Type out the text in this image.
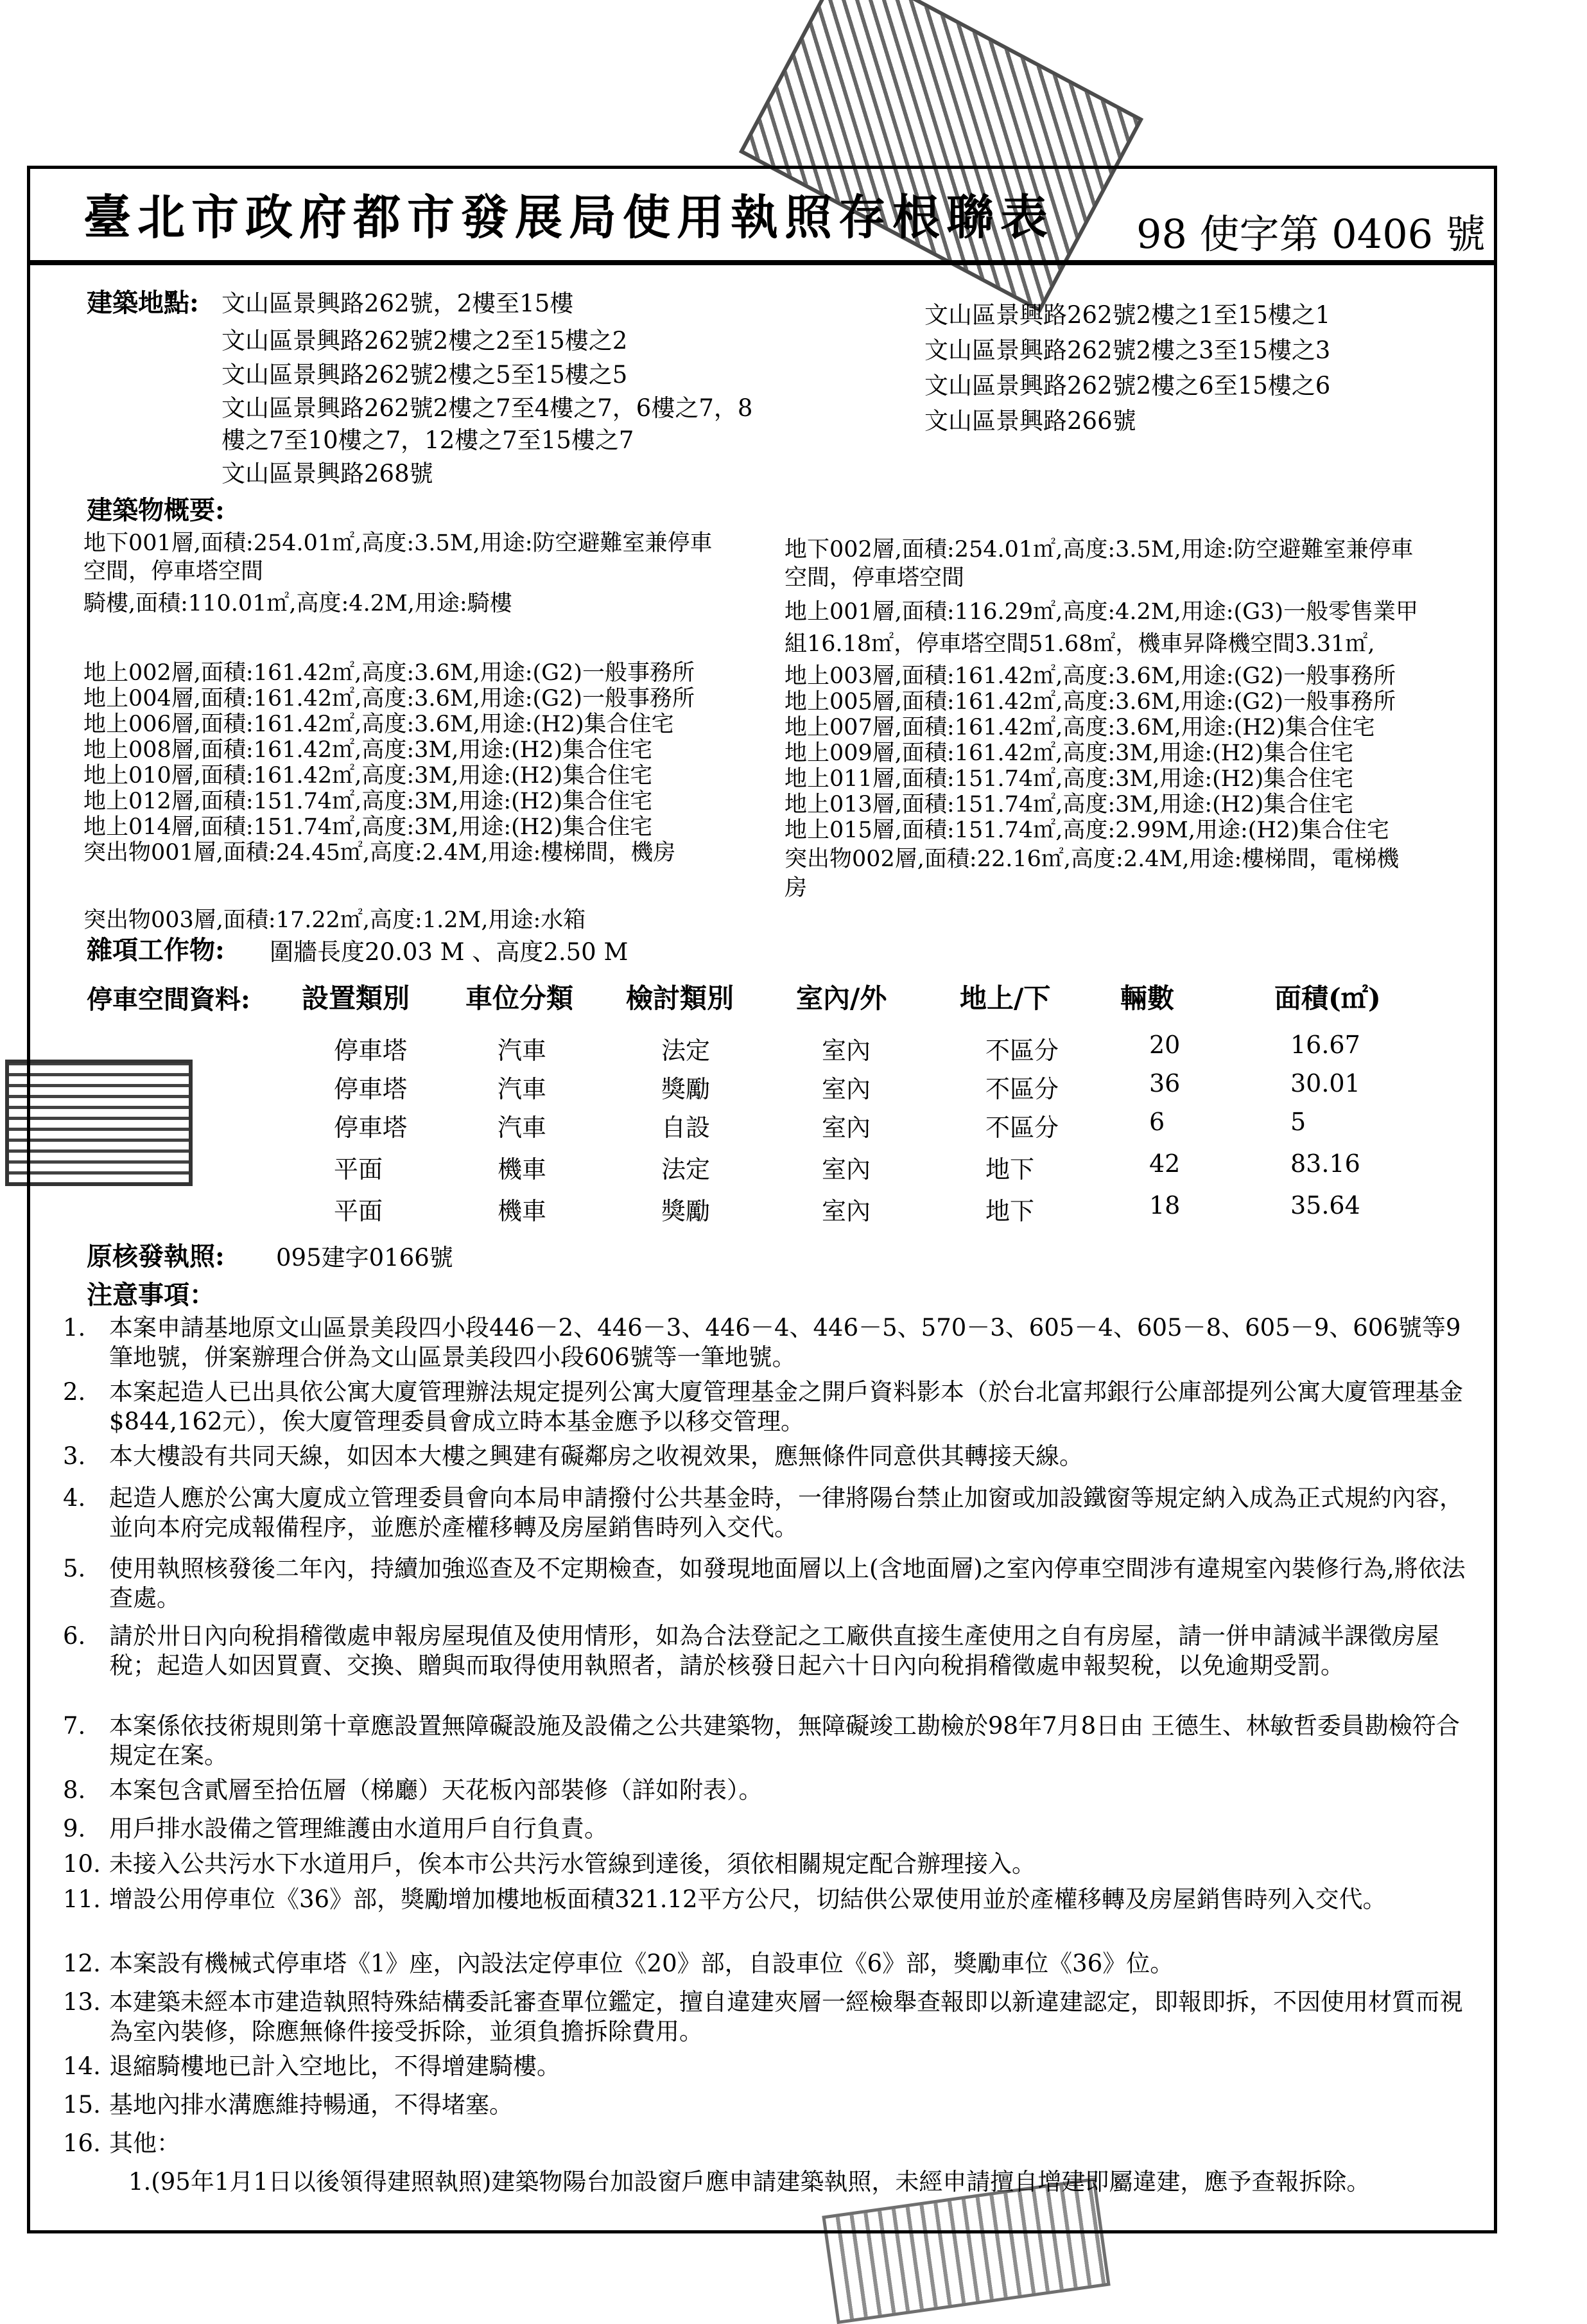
臺北市政府都市發展局使用執照存根聯表 98 使字第 0406 號
建築地點: 文山區景興路262號，2樓至15樓
文山區景興路262號2樓之2至15樓之2
文山區景興路262號2樓之5至15樓之5
文山區景興路262號2樓之7至4樓之7，6樓之7，8
樓之7至10樓之7，12樓之7至15樓之7
文山區景興路268號
文山區景興路262號2樓之1至15樓之1
文山區景興路262號2樓之3至15樓之3
文山區景興路262號2樓之6至15樓之6
文山區景興路266號
建築物概要:
地下001層,面積:254.01㎡,高度:3.5M,用途:防空避難室兼停車
空間，停車塔空間
騎樓,面積:110.01㎡,高度:4.2M,用途:騎樓
地上002層,面積:161.42㎡,高度:3.6M,用途:(G2)一般事務所
地上004層,面積:161.42㎡,高度:3.6M,用途:(G2)一般事務所
地上006層,面積:161.42㎡,高度:3.6M,用途:(H2)集合住宅
地上008層,面積:161.42㎡,高度:3M,用途:(H2)集合住宅
地上010層,面積:161.42㎡,高度:3M,用途:(H2)集合住宅
地上012層,面積:151.74㎡,高度:3M,用途:(H2)集合住宅
地上014層,面積:151.74㎡,高度:3M,用途:(H2)集合住宅
突出物001層,面積:24.45㎡,高度:2.4M,用途:樓梯間，機房
突出物003層,面積:17.22㎡,高度:1.2M,用途:水箱
地下002層,面積:254.01㎡,高度:3.5M,用途:防空避難室兼停車
空間，停車塔空間
地上001層,面積:116.29㎡,高度:4.2M,用途:(G3)一般零售業甲
組16.18㎡，停車塔空間51.68㎡，機車昇降機空間3.31㎡,
地上003層,面積:161.42㎡,高度:3.6M,用途:(G2)一般事務所
地上005層,面積:161.42㎡,高度:3.6M,用途:(G2)一般事務所
地上007層,面積:161.42㎡,高度:3.6M,用途:(H2)集合住宅
地上009層,面積:161.42㎡,高度:3M,用途:(H2)集合住宅
地上011層,面積:151.74㎡,高度:3M,用途:(H2)集合住宅
地上013層,面積:151.74㎡,高度:3M,用途:(H2)集合住宅
地上015層,面積:151.74㎡,高度:2.99M,用途:(H2)集合住宅
突出物002層,面積:22.16㎡,高度:2.4M,用途:樓梯間，電梯機
房
雜項工作物: 圍牆長度20.03 M 、高度2.50 M
停車空間資料: 設置類別 車位分類 檢討類別 室內/外	地上/下	輛數	面積(㎡)
停車塔	汽車	法定	室內	不區分	20	16.67
停車塔	汽車	獎勵	室內	不區分	36	30.01
停車塔	汽車	自設	室內	不區分	6	5
平面	機車	法定	室內	地下	42	83.16
平面	機車	獎勵	室內	地下	18	35.64
原核發執照: 095建字0166號
注意事項：
1. 本案申請基地原文山區景美段四小段446－2、446－3、446－4、446－5、570－3、605－4、605－8、605－9、606號等9筆地號，併案辦理合併為文山區景美段四小段606號等一筆地號。
2. 本案起造人已出具依公寓大廈管理辦法規定提列公寓大廈管理基金之開戶資料影本（於台北富邦銀行公庫部提列公寓大廈管理基金$844,162元），俟大廈管理委員會成立時本基金應予以移交管理。
3. 本大樓設有共同天線，如因本大樓之興建有礙鄰房之收視效果，應無條件同意供其轉接天線。
4. 起造人應於公寓大廈成立管理委員會向本局申請撥付公共基金時，一律將陽台禁止加窗或加設鐵窗等規定納入成為正式規約內容，並向本府完成報備程序，並應於產權移轉及房屋銷售時列入交代。
5. 使用執照核發後二年內，持續加強巡查及不定期檢查，如發現地面層以上(含地面層)之室內停車空間涉有違規室內裝修行為,將依法查處。
6. 請於卅日內向稅捐稽徵處申報房屋現值及使用情形，如為合法登記之工廠供直接生產使用之自有房屋，請一併申請減半課徵房屋稅；起造人如因買賣、交換、贈與而取得使用執照者，請於核發日起六十日內向稅捐稽徵處申報契稅，以免逾期受罰。
7. 本案係依技術規則第十章應設置無障礙設施及設備之公共建築物，無障礙竣工勘檢於98年7月8日由 王德生、林敏哲委員勘檢符合規定在案。
8. 本案包含貳層至拾伍層（梯廳）天花板內部裝修（詳如附表）。
9. 用戶排水設備之管理維護由水道用戶自行負責。
10. 未接入公共污水下水道用戶，俟本市公共污水管線到達後，須依相關規定配合辦理接入。
11. 增設公用停車位《36》部，獎勵增加樓地板面積321.12平方公尺，切結供公眾使用並於產權移轉及房屋銷售時列入交代。
12. 本案設有機械式停車塔《1》座，內設法定停車位《20》部，自設車位《6》部，獎勵車位《36》位。
13. 本建築未經本市建造執照特殊結構委託審查單位鑑定，擅自違建夾層一經檢舉查報即以新違建認定，即報即拆，不因使用材質而視為室內裝修，除應無條件接受拆除，並須負擔拆除費用。
14. 退縮騎樓地已計入空地比，不得增建騎樓。
15. 基地內排水溝應維持暢通，不得堵塞。
16. 其他：
1.(95年1月1日以後領得建照執照)建築物陽台加設窗戶應申請建築執照，未經申請擅自增建即屬違建，應予查報拆除。
